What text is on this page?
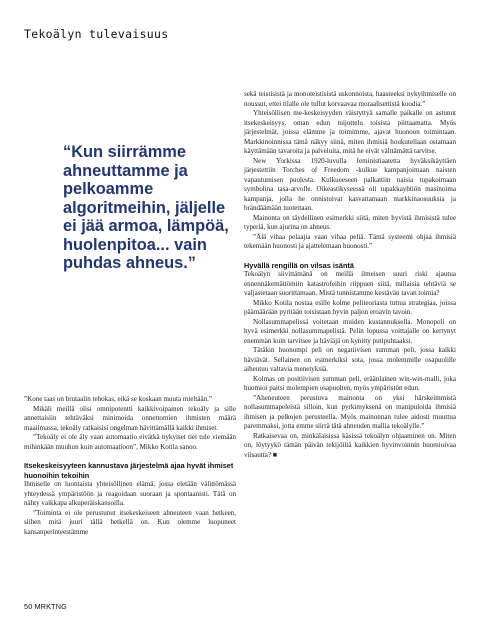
Tekoälyn tulevaisuus
“Kun siirrämme ahneuttamme ja pelkoamme algoritmeihin, jäljelle ei jää armoa, lämpöä, huolenpitoa... vain puhdas ahneus.”

”Kone taas on brutaalin tehokas, eikä se koskaan muuta mieltään.”

Mikäli meillä olisi omnipotentti kaikkivoipainen tekoäly ja sille annettaisiin tehtäväksi minimoida onnettomien ihmisten määrä maailmassa, tekoäly ratkaisisi ongelman hävittämällä kaikki ihmiset.

”Tekoäly ei ole äly vaan automaatio eivätkä nykyiset tiet tule viemään mihinkään muuhun kuin automaatioon”, Mikko Kotila sanoo.

Itsekeskeisyyteen kannustava järjestelmä ajaa hyvät ihmiset huonoihin tekoihin

Ihmiselle on luontaista yhteisöllinen elämä, jossa eletään välittömässä yhteydessä ympäristöön ja reagoidaan suoraan ja spontaanisti. Tätä on nähty vaikkapa alkuperäiskansoilla.

”Toiminta ei ole perustunut itsekeskeiseen ahneuteen vaan hetkeen, siihen mitä juuri tällä hetkellä on. Kun olemme luopuneet kansanperinteestämme

sekä teistisistä ja monoteistisistä uskonnoista, haasteeksi nykyihmiselle on noussut, ettei tilalle ole tullut korvaavaa moraalisettistä koodia.”

Yhteisöllisen me-keskeisyyden väistyttyä samalle paikalle on astunut itsekeskeisyys, oman edun tuijottelu toisista piittaamatta. Myös järjestelmät, joissa elämme ja toimimme, ajavat huonoon toimintaan. Markkinoinnissa tämä näkyy siinä, miten ihmisiä houkutellaan ostamaan käyttämään tavaroita ja palveluita, mitä he eivät välttämättä tarvitse.

New Yorkissa 1920-luvulla feministiaatetta hyväksikäyttäen järjestettiin Torches of Freedom -kulkue kampanjoimaan naisten vapautumisen puolesta. Kulkueeseen palkattiin naisia tupakoimaan symbolina tasa-arvolle. Oikeastikyseessä oli tupakkayhtiön masinoima kampanja, jolla he onnistuivat kasvattamaan markkinaosuuksia ja brändäämään tuotettaan.

Mainonta on täydellinen esimerkki siitä, miten hyvistä ihmisistä tulee typeriä, kun ajurina on ahneus.

”Älä vihaa pelaajia vaan vihaa peliä. Tämä systeemi ohjaa ihmisiä tekemään huonosti ja ajattelemaan huonosti.”

Hyvällä rengillä on vilsas isäntä

Tekoälyn siivittämänä on meillä ilmeisen suuri riski ajautua ennennäkemättömiin katastrofeihin riippuen siitä, millaisia tehtäviä se valjastetaan suorittamaan. Mistä tunnistamme kestävän tavan toimia?

Mikko Kotila nostaa esille kolme peliteoriasta tuttua strategiaa, joissa päämäärään pyritään toisistaan hyvin paljon eroavin tavoin.

Nollasummapelissä voitetaan muiden kustannuksella. Monopoli on hyvä esimerkki nollasummapelistä. Pelin lopussa voittajalle on kertynyt enemmän kuin tarvitsee ja häviäjä on kynitty putipuhtaaksi.

Tätäkin huonompi peli on negatiivisen summan peli, jossa kaikki häviävät. Sellainen on esimerkiksi sota, jossa molemmille osapuolille aiheutuu valtavia menetyksiä.

Kolmas on positiivisen summan peli, eräänlainen win-win-malli, joka huomioi paitsi molempien osapuolten, myös ympäristön edun.

”Aheneuteen perustuva mainonta on yksi härskeimmistä nollasummapeleistä silloin, kun pyrkimyksenä on manipuloida ihmisiä ihmisen ja pelkojen perusteella. Myös mainonnan tulee aidosti muuttua paremmaksi, jotta emme siirrä tätä ahneuden mallia tekoälylle.”

Ratkaisevaa on, minkälaisissa käsissä tekoälyn ohjaaminen on. Miten on, löytyykö tämän päivän tekijöiltä kaikkien hyvinvoinnin huomioivaa viisautta? ■

50 MRKTNG
